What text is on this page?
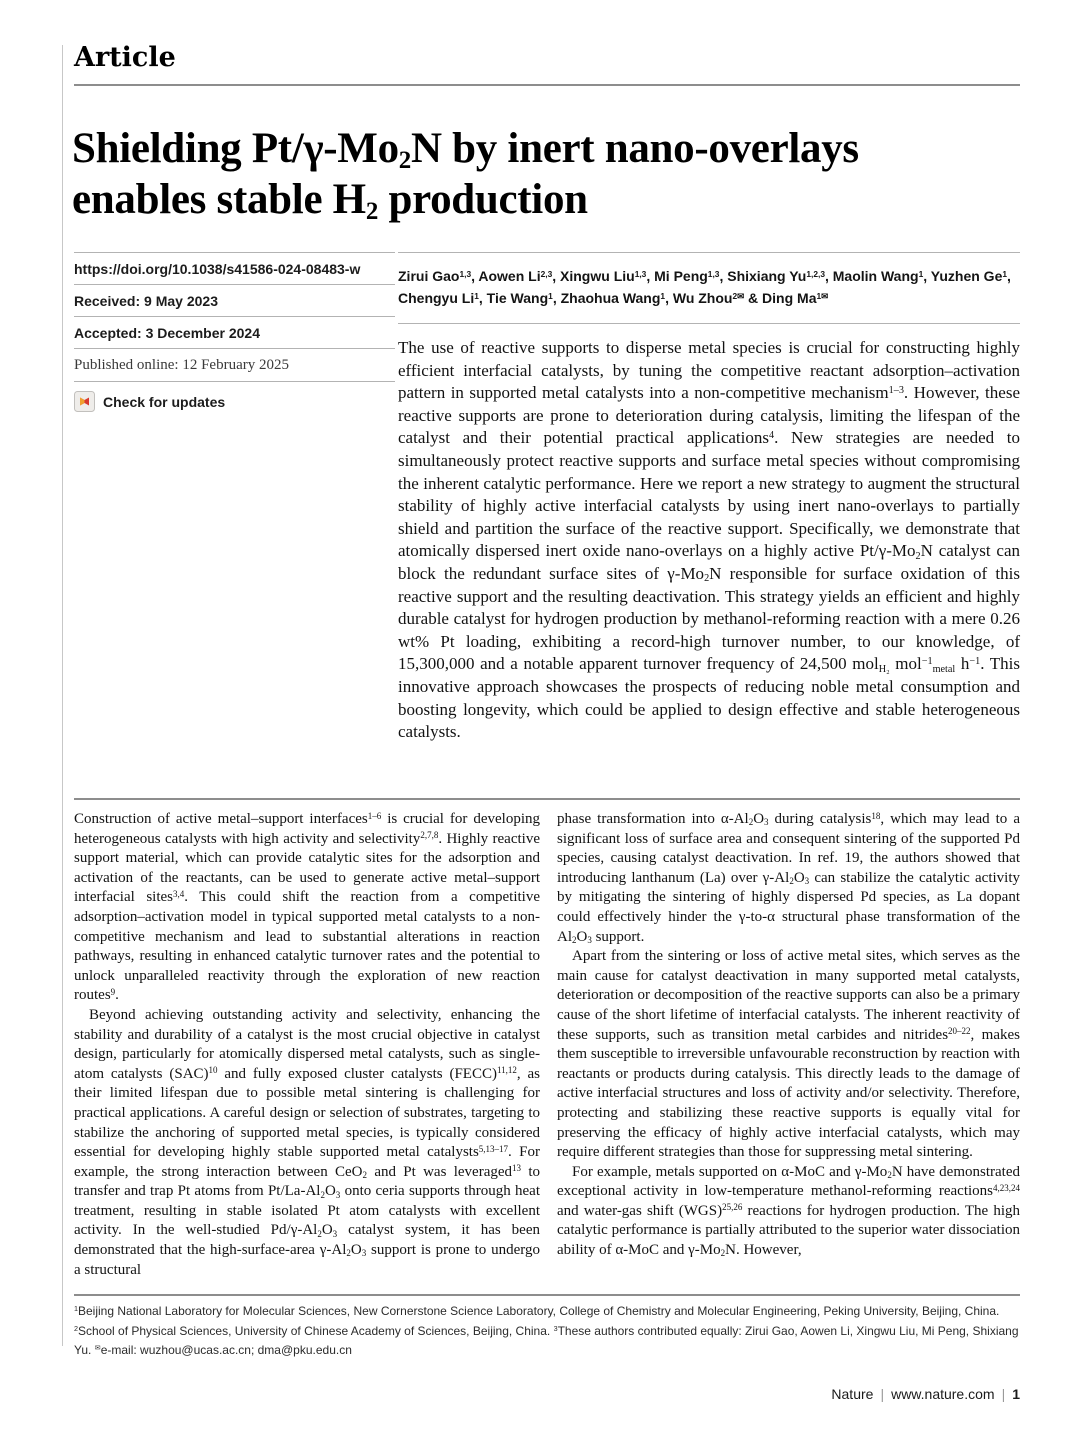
Article
Shielding $Pt/\gamma-Mo_2N$ by inert nano-overlays
enables stable $H_2$ production
https://doi.org/10.1038/s41586-024-08483-w
Received: 9 May 2023
Accepted: 3 December 2024
Published online: 12 February 2025
Check for updates
Zirui Gao$^{1,3}$, Aowen Li$^{2,3}$, Xingwu Liu$^{1,3}$, Mi Peng$^{1,3}$, Shixiang Yu$^{1,2,3}$, Maolin Wang$^1$, Yuzhen Ge$^1$, Chengyu Li$^1$, Tie Wang$^1$, Zhaohua Wang$^1$, Wu Zhou$^{2✉}$ & Ding $Ma^{1✉}$
The use of reactive supports to disperse metal species is crucial for constructing highly efficient interfacial catalysts, by tuning the competitive reactant adsorption–activation pattern in supported metal catalysts into a non-competitive mechanism$^{1-3}$. However, these reactive supports are prone to deterioration during catalysis, limiting the lifespan of the catalyst and their potential practical applications$^4$. New strategies are needed to simultaneously protect reactive supports and surface metal species without compromising the inherent catalytic performance. Here we report a new strategy to augment the structural stability of highly active interfacial catalysts by using inert nano-overlays to partially shield and partition the surface of the reactive support. Specifically, we demonstrate that atomically dispersed inert oxide nano-overlays on a highly active $Pt/\gamma-Mo_2N$ catalyst can block the redundant surface sites of $\gamma-Mo_2N$ responsible for surface oxidation of this reactive support and the resulting deactivation. This strategy yields an efficient and highly durable catalyst for hydrogen production by methanol-reforming reaction with a mere 0.26 wt% Pt loading, exhibiting a record-high turnover number, to our knowledge, of 15,300,000 and a notable apparent turnover frequency of 24,500 mol$_{H_2}$ mol$^{-1}_{metal}$ $h^{-1}$. This innovative approach showcases the prospects of reducing noble metal consumption and boosting longevity, which could be applied to design effective and stable heterogeneous catalysts.

Construction of active metal–support interfaces$^{1-6}$ is crucial for developing heterogeneous catalysts with high activity and selectivity$^{2,7,8}$. Highly reactive support material, which can provide catalytic sites for the adsorption and activation of the reactants, can be used to generate active metal–support interfacial sites$^{3,4}$. This could shift the reaction from a competitive adsorption–activation model in typical supported metal catalysts to a non-competitive mechanism and lead to substantial alterations in reaction pathways, resulting in enhanced catalytic turnover rates and the potential to unlock unparalleled reactivity through the exploration of new reaction routes$^9$.

Beyond achieving outstanding activity and selectivity, enhancing the stability and durability of a catalyst is the most crucial objective in catalyst design, particularly for atomically dispersed metal catalysts, such as single-atom catalysts (SAC)$^{10}$ and fully exposed cluster catalysts (FECC)$^{11,12}$, as their limited lifespan due to possible metal sintering is challenging for practical applications. A careful design or selection of substrates, targeting to stabilize the anchoring of supported metal species, is typically considered essential for developing highly stable supported metal catalysts$^{5,13-17}$. For example, the strong interaction between CeO$_2$ and Pt was leveraged$^{13}$ to transfer and trap Pt atoms from $Pt/La-Al_2O_3$ onto ceria supports through heat treatment, resulting in stable isolated Pt atom catalysts with excellent activity. In the well-studied $Pd/\gamma-Al_2O_3$ catalyst system, it has been demonstrated that the high-surface-area $\gamma-Al_2O_3$ support is prone to undergo a structural

phase transformation into $\alpha-Al_2O_3$ during catalysis$^{18}$, which may lead to a significant loss of surface area and consequent sintering of the supported Pd species, causing catalyst deactivation. In ref. 19, the authors showed that introducing lanthanum (La) over $\gamma-Al_2O_3$ can stabilize the catalytic activity by mitigating the sintering of highly dispersed Pd species, as La dopant could effectively hinder the γ-to-α structural phase transformation of the $Al_2O_3$ support.

Apart from the sintering or loss of active metal sites, which serves as the main cause for catalyst deactivation in many supported metal catalysts, deterioration or decomposition of the reactive supports can also be a primary cause of the short lifetime of interfacial catalysts. The inherent reactivity of these supports, such as transition metal carbides and nitrides$^{20-22}$, makes them susceptible to irreversible unfavourable reconstruction by reaction with reactants or products during catalysis. This directly leads to the damage of active interfacial structures and loss of activity and/or selectivity. Therefore, protecting and stabilizing these reactive supports is equally vital for preserving the efficacy of highly active interfacial catalysts, which may require different strategies than those for suppressing metal sintering.

For example, metals supported on α-MoC and $\gamma-Mo_2N$ have demonstrated exceptional activity in low-temperature methanol-reforming reactions$^{4,23,24}$ and water-gas shift (WGS)$^{25,26}$ reactions for hydrogen production. The high catalytic performance is partially attributed to the superior water dissociation ability of α-MoC and $\gamma-Mo_2N$. However,

$^1$Beijing National Laboratory for Molecular Sciences, New Cornerstone Science Laboratory, College of Chemistry and Molecular Engineering, Peking University, Beijing, China. $^2$School of Physical Sciences, University of Chinese Academy of Sciences, Beijing, China. $^3$These authors contributed equally: Zirui Gao, Aowen Li, Xingwu Liu, Mi Peng, Shixiang Yu. ✉e-mail: wuzhou@ucas.ac.cn; dma@pku.edu.cn
Nature | www.nature.com | 1
